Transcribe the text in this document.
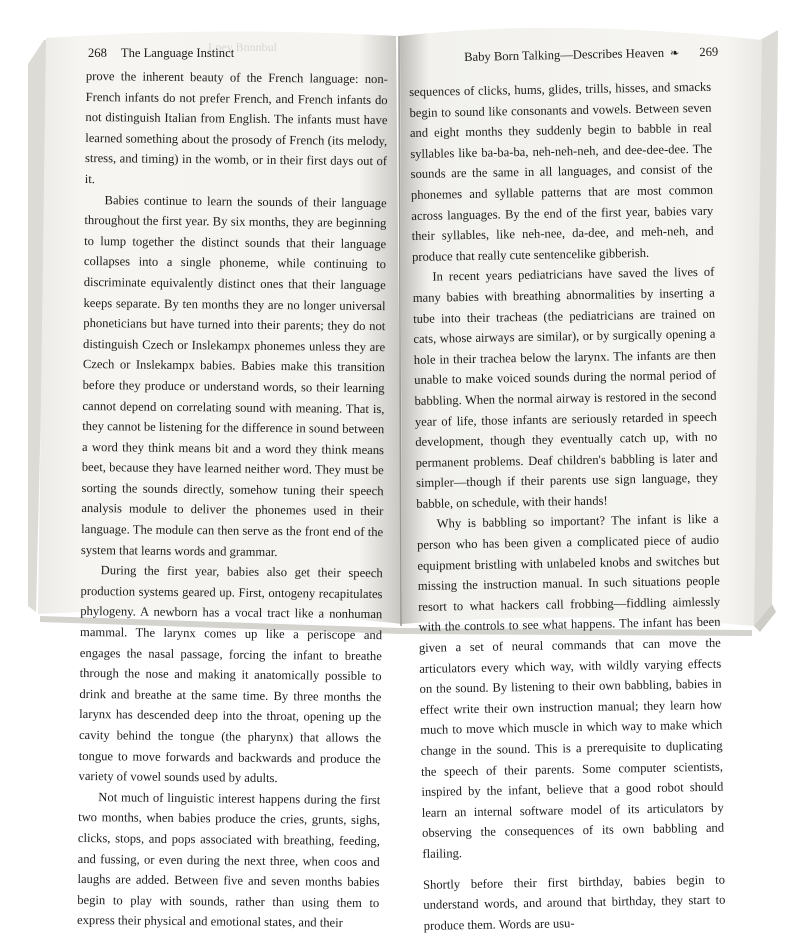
Lpey Bnnnbul
268 The Language Instinct

prove the inherent beauty of the French language: non-French infants do not prefer French, and French infants do not distinguish Italian from English. The infants must have learned something about the prosody of French (its melody, stress, and timing) in the womb, or in their first days out of it.

Babies continue to learn the sounds of their language throughout the first year. By six months, they are beginning to lump together the distinct sounds that their language collapses into a single phoneme, while continuing to discriminate equivalently distinct ones that their language keeps separate. By ten months they are no longer universal phoneticians but have turned into their parents; they do not distinguish Czech or Inslekampx phonemes unless they are Czech or Inslekampx babies. Babies make this transition before they produce or understand words, so their learning cannot depend on correlating sound with meaning. That is, they cannot be listening for the difference in sound between a word they think means bit and a word they think means beet, because they have learned neither word. They must be sorting the sounds directly, somehow tuning their speech analysis module to deliver the phonemes used in their language. The module can then serve as the front end of the system that learns words and grammar.

During the first year, babies also get their speech production systems geared up. First, ontogeny recapitulates phylogeny. A newborn has a vocal tract like a nonhuman mammal. The larynx comes up like a periscope and engages the nasal passage, forcing the infant to breathe through the nose and making it anatomically possible to drink and breathe at the same time. By three months the larynx has descended deep into the throat, opening up the cavity behind the tongue (the pharynx) that allows the tongue to move forwards and backwards and produce the variety of vowel sounds used by adults.

Not much of linguistic interest happens during the first two months, when babies produce the cries, grunts, sighs, clicks, stops, and pops associated with breathing, feeding, and fussing, or even during the next three, when coos and laughs are added. Between five and seven months babies begin to play with sounds, rather than using them to express their physical and emotional states, and their

Baby Born Talking—Describes Heaven ❧ 269

sequences of clicks, hums, glides, trills, hisses, and smacks begin to sound like consonants and vowels. Between seven and eight months they suddenly begin to babble in real syllables like ba-ba-ba, neh-neh-neh, and dee-dee-dee. The sounds are the same in all languages, and consist of the phonemes and syllable patterns that are most common across languages. By the end of the first year, babies vary their syllables, like neh-nee, da-dee, and meh-neh, and produce that really cute sentencelike gibberish.

In recent years pediatricians have saved the lives of many babies with breathing abnormalities by inserting a tube into their tracheas (the pediatricians are trained on cats, whose airways are similar), or by surgically opening a hole in their trachea below the larynx. The infants are then unable to make voiced sounds during the normal period of babbling. When the normal airway is restored in the second year of life, those infants are seriously retarded in speech development, though they eventually catch up, with no permanent problems. Deaf children's babbling is later and simpler—though if their parents use sign language, they babble, on schedule, with their hands!

Why is babbling so important? The infant is like a person who has been given a complicated piece of audio equipment bristling with unlabeled knobs and switches but missing the instruction manual. In such situations people resort to what hackers call frobbing—fiddling aimlessly with the controls to see what happens. The infant has been given a set of neural commands that can move the articulators every which way, with wildly varying effects on the sound. By listening to their own babbling, babies in effect write their own instruction manual; they learn how much to move which muscle in which way to make which change in the sound. This is a prerequisite to duplicating the speech of their parents. Some computer scientists, inspired by the infant, believe that a good robot should learn an internal software model of its articulators by observing the consequences of its own babbling and flailing.

Shortly before their first birthday, babies begin to understand words, and around that birthday, they start to produce them. Words are usu-
